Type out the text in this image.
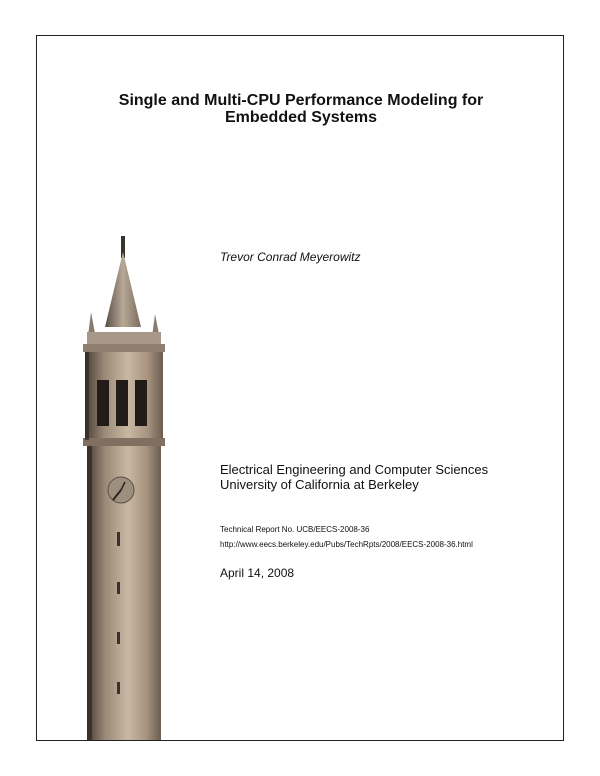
Single and Multi-CPU Performance Modeling for
Embedded Systems
Trevor Conrad Meyerowitz
Electrical Engineering and Computer Sciences
University of California at Berkeley
Technical Report No. UCB/EECS-2008-36
http://www.eecs.berkeley.edu/Pubs/TechRpts/2008/EECS-2008-36.html
April 14, 2008
